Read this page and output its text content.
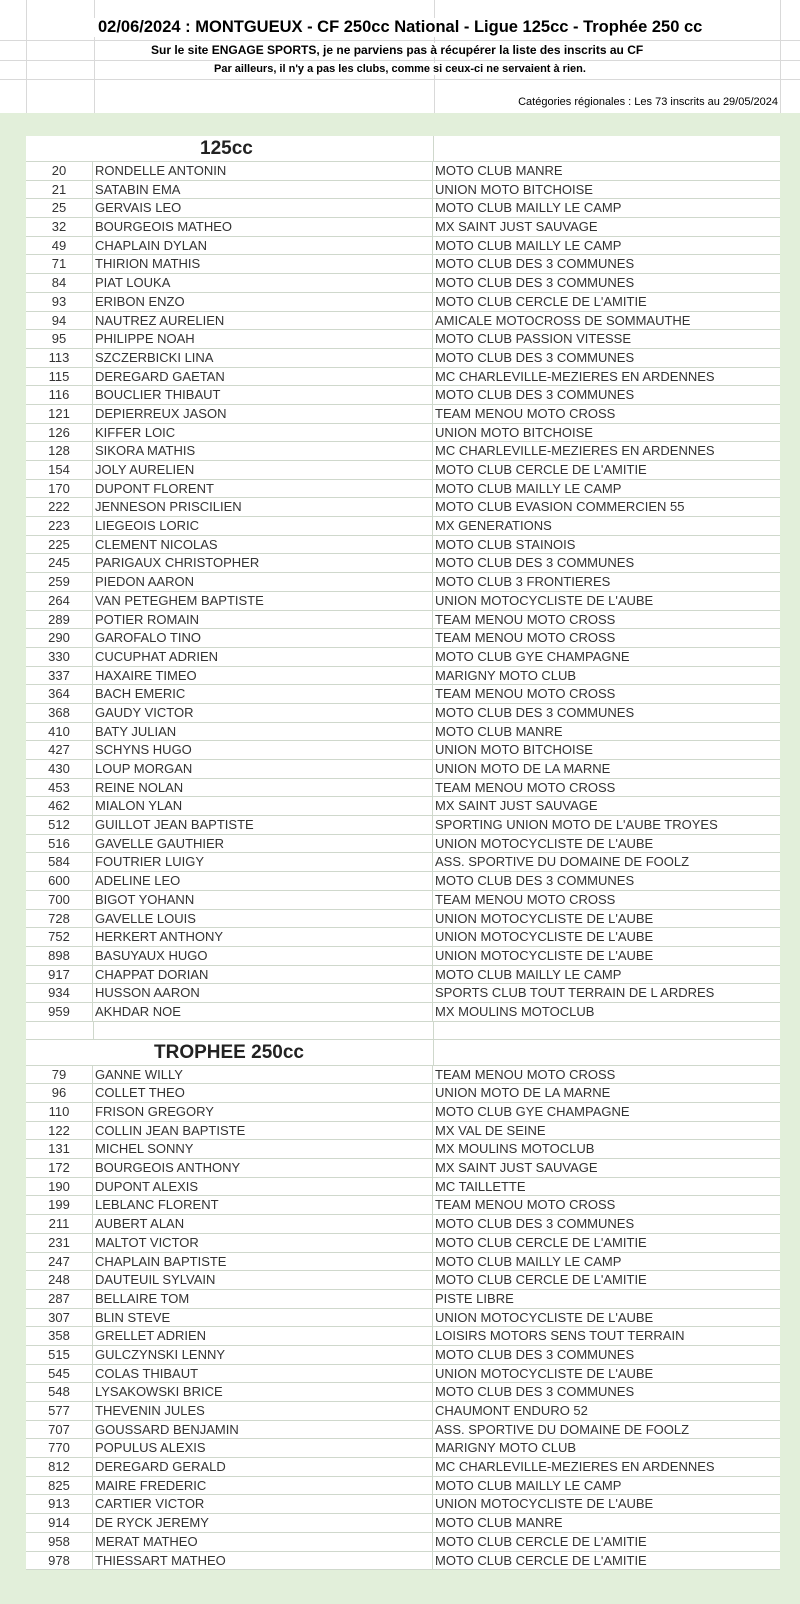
02/06/2024 : MONTGUEUX - CF 250cc National - Ligue 125cc - Trophée 250 cc
Sur le site ENGAGE SPORTS, je ne parviens pas à récupérer la liste des inscrits au CF
Par ailleurs, il n'y a pas les clubs, comme si ceux-ci ne servaient à rien.
Catégories régionales : Les 73 inscrits au 29/05/2024
125cc
20	RONDELLE ANTONIN	MOTO CLUB MANRE
21	SATABIN EMA	UNION MOTO BITCHOISE
25	GERVAIS LEO	MOTO CLUB MAILLY LE CAMP
32	BOURGEOIS MATHEO	MX SAINT JUST SAUVAGE
49	CHAPLAIN DYLAN	MOTO CLUB MAILLY LE CAMP
71	THIRION MATHIS	MOTO CLUB DES 3 COMMUNES
84	PIAT LOUKA	MOTO CLUB DES 3 COMMUNES
93	ERIBON ENZO	MOTO CLUB CERCLE DE L'AMITIE
94	NAUTREZ AURELIEN	AMICALE MOTOCROSS DE SOMMAUTHE
95	PHILIPPE NOAH	MOTO CLUB PASSION VITESSE
113	SZCZERBICKI LINA	MOTO CLUB DES 3 COMMUNES
115	DEREGARD GAETAN	MC CHARLEVILLE-MEZIERES EN ARDENNES
116	BOUCLIER THIBAUT	MOTO CLUB DES 3 COMMUNES
121	DEPIERREUX JASON	TEAM MENOU MOTO CROSS
126	KIFFER LOIC	UNION MOTO BITCHOISE
128	SIKORA MATHIS	MC CHARLEVILLE-MEZIERES EN ARDENNES
154	JOLY AURELIEN	MOTO CLUB CERCLE DE L'AMITIE
170	DUPONT FLORENT	MOTO CLUB MAILLY LE CAMP
222	JENNESON PRISCILIEN	MOTO CLUB EVASION COMMERCIEN 55
223	LIEGEOIS LORIC	MX GENERATIONS
225	CLEMENT NICOLAS	MOTO CLUB STAINOIS
245	PARIGAUX CHRISTOPHER	MOTO CLUB DES 3 COMMUNES
259	PIEDON AARON	MOTO CLUB 3 FRONTIERES
264	VAN PETEGHEM BAPTISTE	UNION MOTOCYCLISTE DE L'AUBE
289	POTIER ROMAIN	TEAM MENOU MOTO CROSS
290	GAROFALO TINO	TEAM MENOU MOTO CROSS
330	CUCUPHAT ADRIEN	MOTO CLUB GYE CHAMPAGNE
337	HAXAIRE TIMEO	MARIGNY MOTO CLUB
364	BACH EMERIC	TEAM MENOU MOTO CROSS
368	GAUDY VICTOR	MOTO CLUB DES 3 COMMUNES
410	BATY JULIAN	MOTO CLUB MANRE
427	SCHYNS HUGO	UNION MOTO BITCHOISE
430	LOUP MORGAN	UNION MOTO DE LA MARNE
453	REINE NOLAN	TEAM MENOU MOTO CROSS
462	MIALON YLAN	MX SAINT JUST SAUVAGE
512	GUILLOT JEAN BAPTISTE	SPORTING UNION MOTO DE L'AUBE TROYES
516	GAVELLE GAUTHIER	UNION MOTOCYCLISTE DE L'AUBE
584	FOUTRIER LUIGY	ASS. SPORTIVE DU DOMAINE DE FOOLZ
600	ADELINE LEO	MOTO CLUB DES 3 COMMUNES
700	BIGOT YOHANN	TEAM MENOU MOTO CROSS
728	GAVELLE LOUIS	UNION MOTOCYCLISTE DE L'AUBE
752	HERKERT ANTHONY	UNION MOTOCYCLISTE DE L'AUBE
898	BASUYAUX HUGO	UNION MOTOCYCLISTE DE L'AUBE
917	CHAPPAT DORIAN	MOTO CLUB MAILLY LE CAMP
934	HUSSON AARON	SPORTS CLUB TOUT TERRAIN DE L ARDRES
959	AKHDAR NOE	MX MOULINS MOTOCLUB
TROPHEE 250cc
79	GANNE WILLY	TEAM MENOU MOTO CROSS
96	COLLET THEO	UNION MOTO DE LA MARNE
110	FRISON GREGORY	MOTO CLUB GYE CHAMPAGNE
122	COLLIN JEAN BAPTISTE	MX VAL DE SEINE
131	MICHEL SONNY	MX MOULINS MOTOCLUB
172	BOURGEOIS ANTHONY	MX SAINT JUST SAUVAGE
190	DUPONT ALEXIS	MC TAILLETTE
199	LEBLANC FLORENT	TEAM MENOU MOTO CROSS
211	AUBERT ALAN	MOTO CLUB DES 3 COMMUNES
231	MALTOT VICTOR	MOTO CLUB CERCLE DE L'AMITIE
247	CHAPLAIN BAPTISTE	MOTO CLUB MAILLY LE CAMP
248	DAUTEUIL SYLVAIN	MOTO CLUB CERCLE DE L'AMITIE
287	BELLAIRE TOM	PISTE LIBRE
307	BLIN STEVE	UNION MOTOCYCLISTE DE L'AUBE
358	GRELLET ADRIEN	LOISIRS MOTORS SENS TOUT TERRAIN
515	GULCZYNSKI LENNY	MOTO CLUB DES 3 COMMUNES
545	COLAS THIBAUT	UNION MOTOCYCLISTE DE L'AUBE
548	LYSAKOWSKI BRICE	MOTO CLUB DES 3 COMMUNES
577	THEVENIN JULES	CHAUMONT ENDURO 52
707	GOUSSARD BENJAMIN	ASS. SPORTIVE DU DOMAINE DE FOOLZ
770	POPULUS ALEXIS	MARIGNY MOTO CLUB
812	DEREGARD GERALD	MC CHARLEVILLE-MEZIERES EN ARDENNES
825	MAIRE FREDERIC	MOTO CLUB MAILLY LE CAMP
913	CARTIER VICTOR	UNION MOTOCYCLISTE DE L'AUBE
914	DE RYCK JEREMY	MOTO CLUB MANRE
958	MERAT MATHEO	MOTO CLUB CERCLE DE L'AMITIE
978	THIESSART MATHEO	MOTO CLUB CERCLE DE L'AMITIE
